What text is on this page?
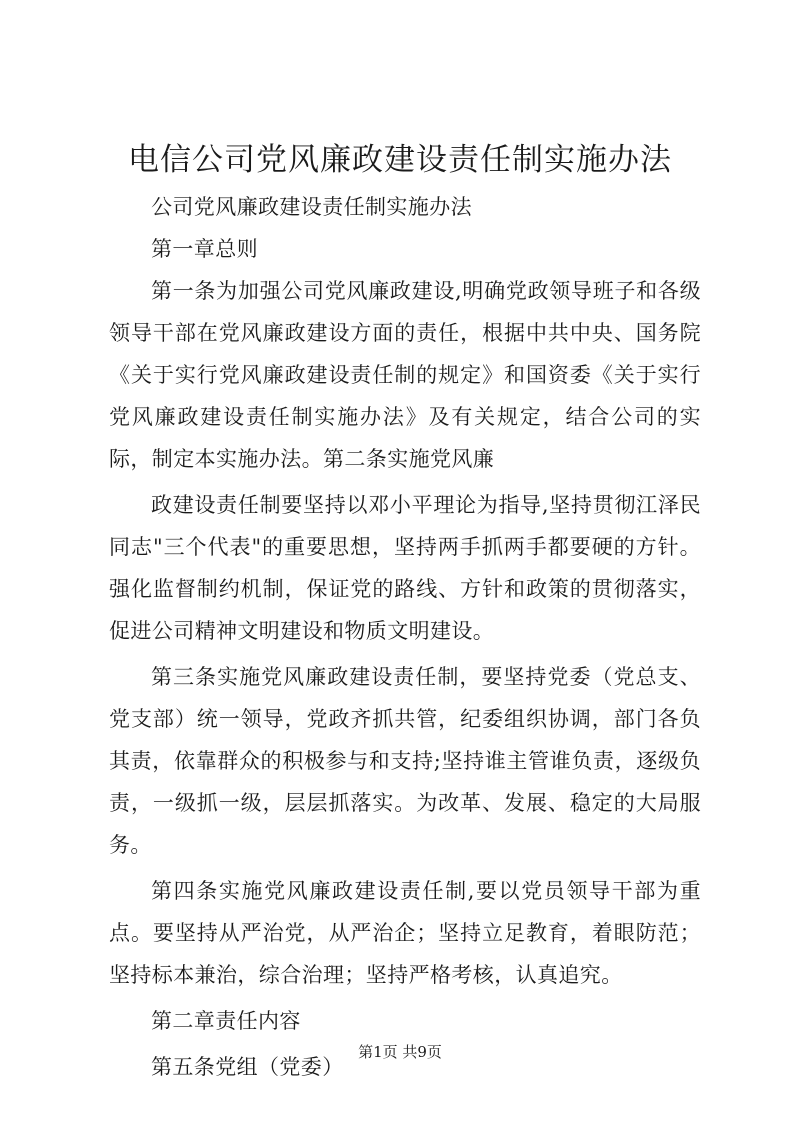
电信公司党风廉政建设责任制实施办法

公司党风廉政建设责任制实施办法

第一章总则

第一条为加强公司党风廉政建设,明确党政领导班子和各级领导干部在党风廉政建设方面的责任，根据中共中央、国务院《关于实行党风廉政建设责任制的规定》和国资委《关于实行党风廉政建设责任制实施办法》及有关规定，结合公司的实际，制定本实施办法。第二条实施党风廉

政建设责任制要坚持以邓小平理论为指导,坚持贯彻江泽民同志"三个代表"的重要思想，坚持两手抓两手都要硬的方针。强化监督制约机制，保证党的路线、方针和政策的贯彻落实，促进公司精神文明建设和物质文明建设。

第三条实施党风廉政建设责任制，要坚持党委（党总支、党支部）统一领导，党政齐抓共管，纪委组织协调，部门各负其责，依靠群众的积极参与和支持;坚持谁主管谁负责，逐级负责，一级抓一级，层层抓落实。为改革、发展、稳定的大局服务。

第四条实施党风廉政建设责任制,要以党员领导干部为重点。要坚持从严治党，从严治企；坚持立足教育，着眼防范；坚持标本兼治，综合治理；坚持严格考核，认真追究。

第二章责任内容

第五条党组（党委）

第1页 共9页
